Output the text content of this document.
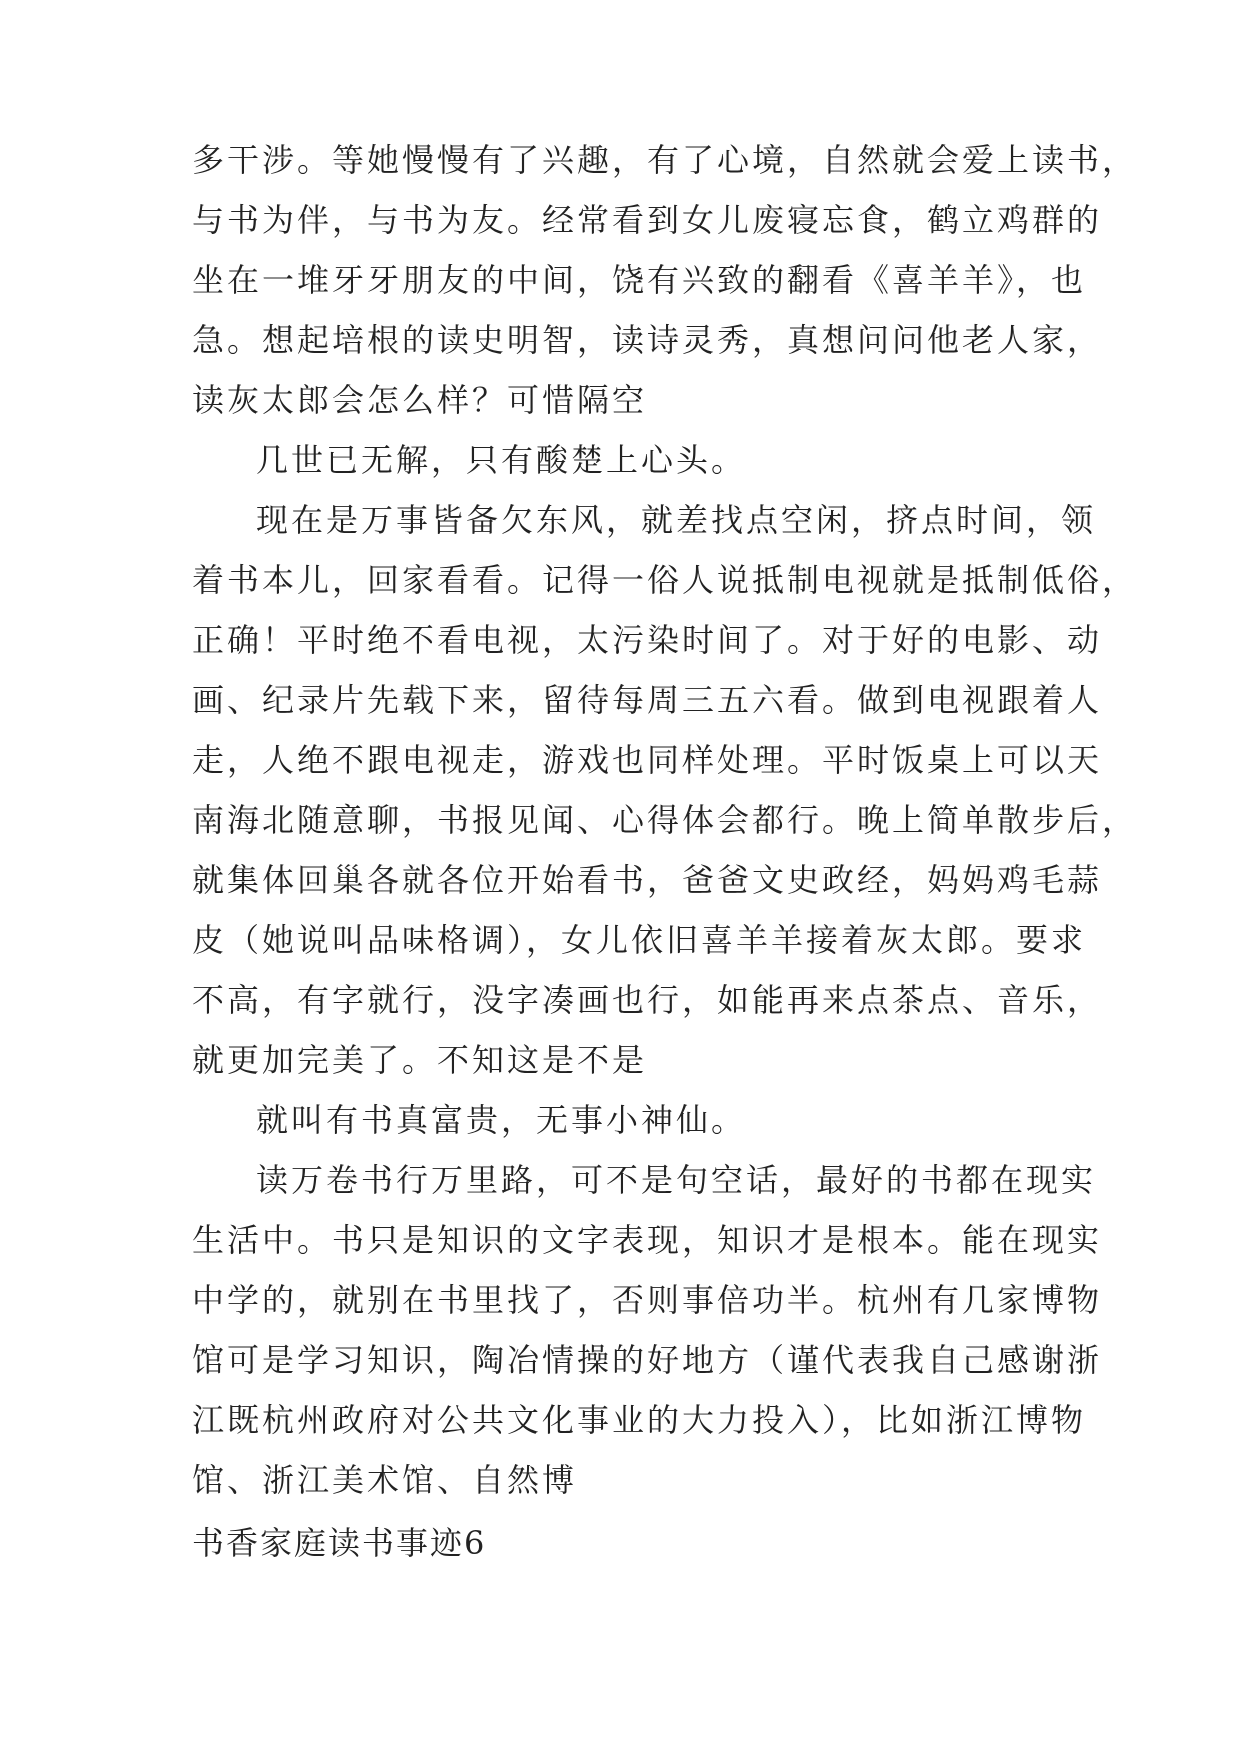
多干涉。等她慢慢有了兴趣，有了心境，自然就会爱上读书，
与书为伴，与书为友。经常看到女儿废寝忘食，鹤立鸡群的
坐在一堆牙牙朋友的中间，饶有兴致的翻看《喜羊羊》，也
急。想起培根的读史明智，读诗灵秀，真想问问他老人家，
读灰太郎会怎么样？可惜隔空
几世已无解，只有酸楚上心头。
现在是万事皆备欠东风，就差找点空闲，挤点时间，领
着书本儿，回家看看。记得一俗人说抵制电视就是抵制低俗，
正确！平时绝不看电视，太污染时间了。对于好的电影、动
画、纪录片先载下来，留待每周三五六看。做到电视跟着人
走，人绝不跟电视走，游戏也同样处理。平时饭桌上可以天
南海北随意聊，书报见闻、心得体会都行。晚上简单散步后，
就集体回巢各就各位开始看书，爸爸文史政经，妈妈鸡毛蒜
皮（她说叫品味格调），女儿依旧喜羊羊接着灰太郎。要求
不高，有字就行，没字凑画也行，如能再来点茶点、音乐，
就更加完美了。不知这是不是
就叫有书真富贵，无事小神仙。
读万卷书行万里路，可不是句空话，最好的书都在现实
生活中。书只是知识的文字表现，知识才是根本。能在现实
中学的，就别在书里找了，否则事倍功半。杭州有几家博物
馆可是学习知识，陶冶情操的好地方（谨代表我自己感谢浙
江既杭州政府对公共文化事业的大力投入），比如浙江博物
馆、浙江美术馆、自然博
书香家庭读书事迹6
